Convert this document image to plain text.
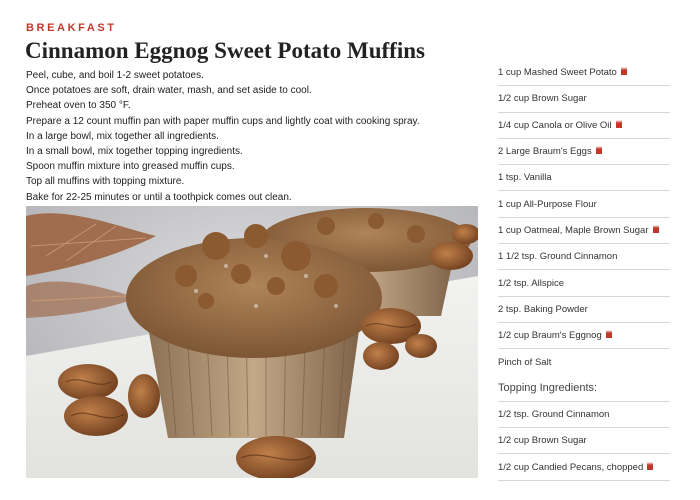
BREAKFAST
Cinnamon Eggnog Sweet Potato Muffins
Peel, cube, and boil 1-2 sweet potatoes.
Once potatoes are soft, drain water, mash, and set aside to cool.
Preheat oven to 350 °F.
Prepare a 12 count muffin pan with paper muffin cups and lightly coat with cooking spray.
In a large bowl, mix together all ingredients.
In a small bowl, mix together topping ingredients.
Spoon muffin mixture into greased muffin cups.
Top all muffins with topping mixture.
Bake for 22-25 minutes or until a toothpick comes out clean.
1 cup Mashed Sweet Potato
1/2 cup Brown Sugar
1/4 cup Canola or Olive Oil
2 Large Braum's Eggs
1 tsp. Vanilla
1 cup All-Purpose Flour
1 cup Oatmeal, Maple Brown Sugar
1 1/2 tsp. Ground Cinnamon
1/2 tsp. Allspice
2 tsp. Baking Powder
1/2 cup Braum's Eggnog
Pinch of Salt
Topping Ingredients:
1/2 tsp. Ground Cinnamon
1/2 cup Brown Sugar
1/2 cup Candied Pecans, chopped
